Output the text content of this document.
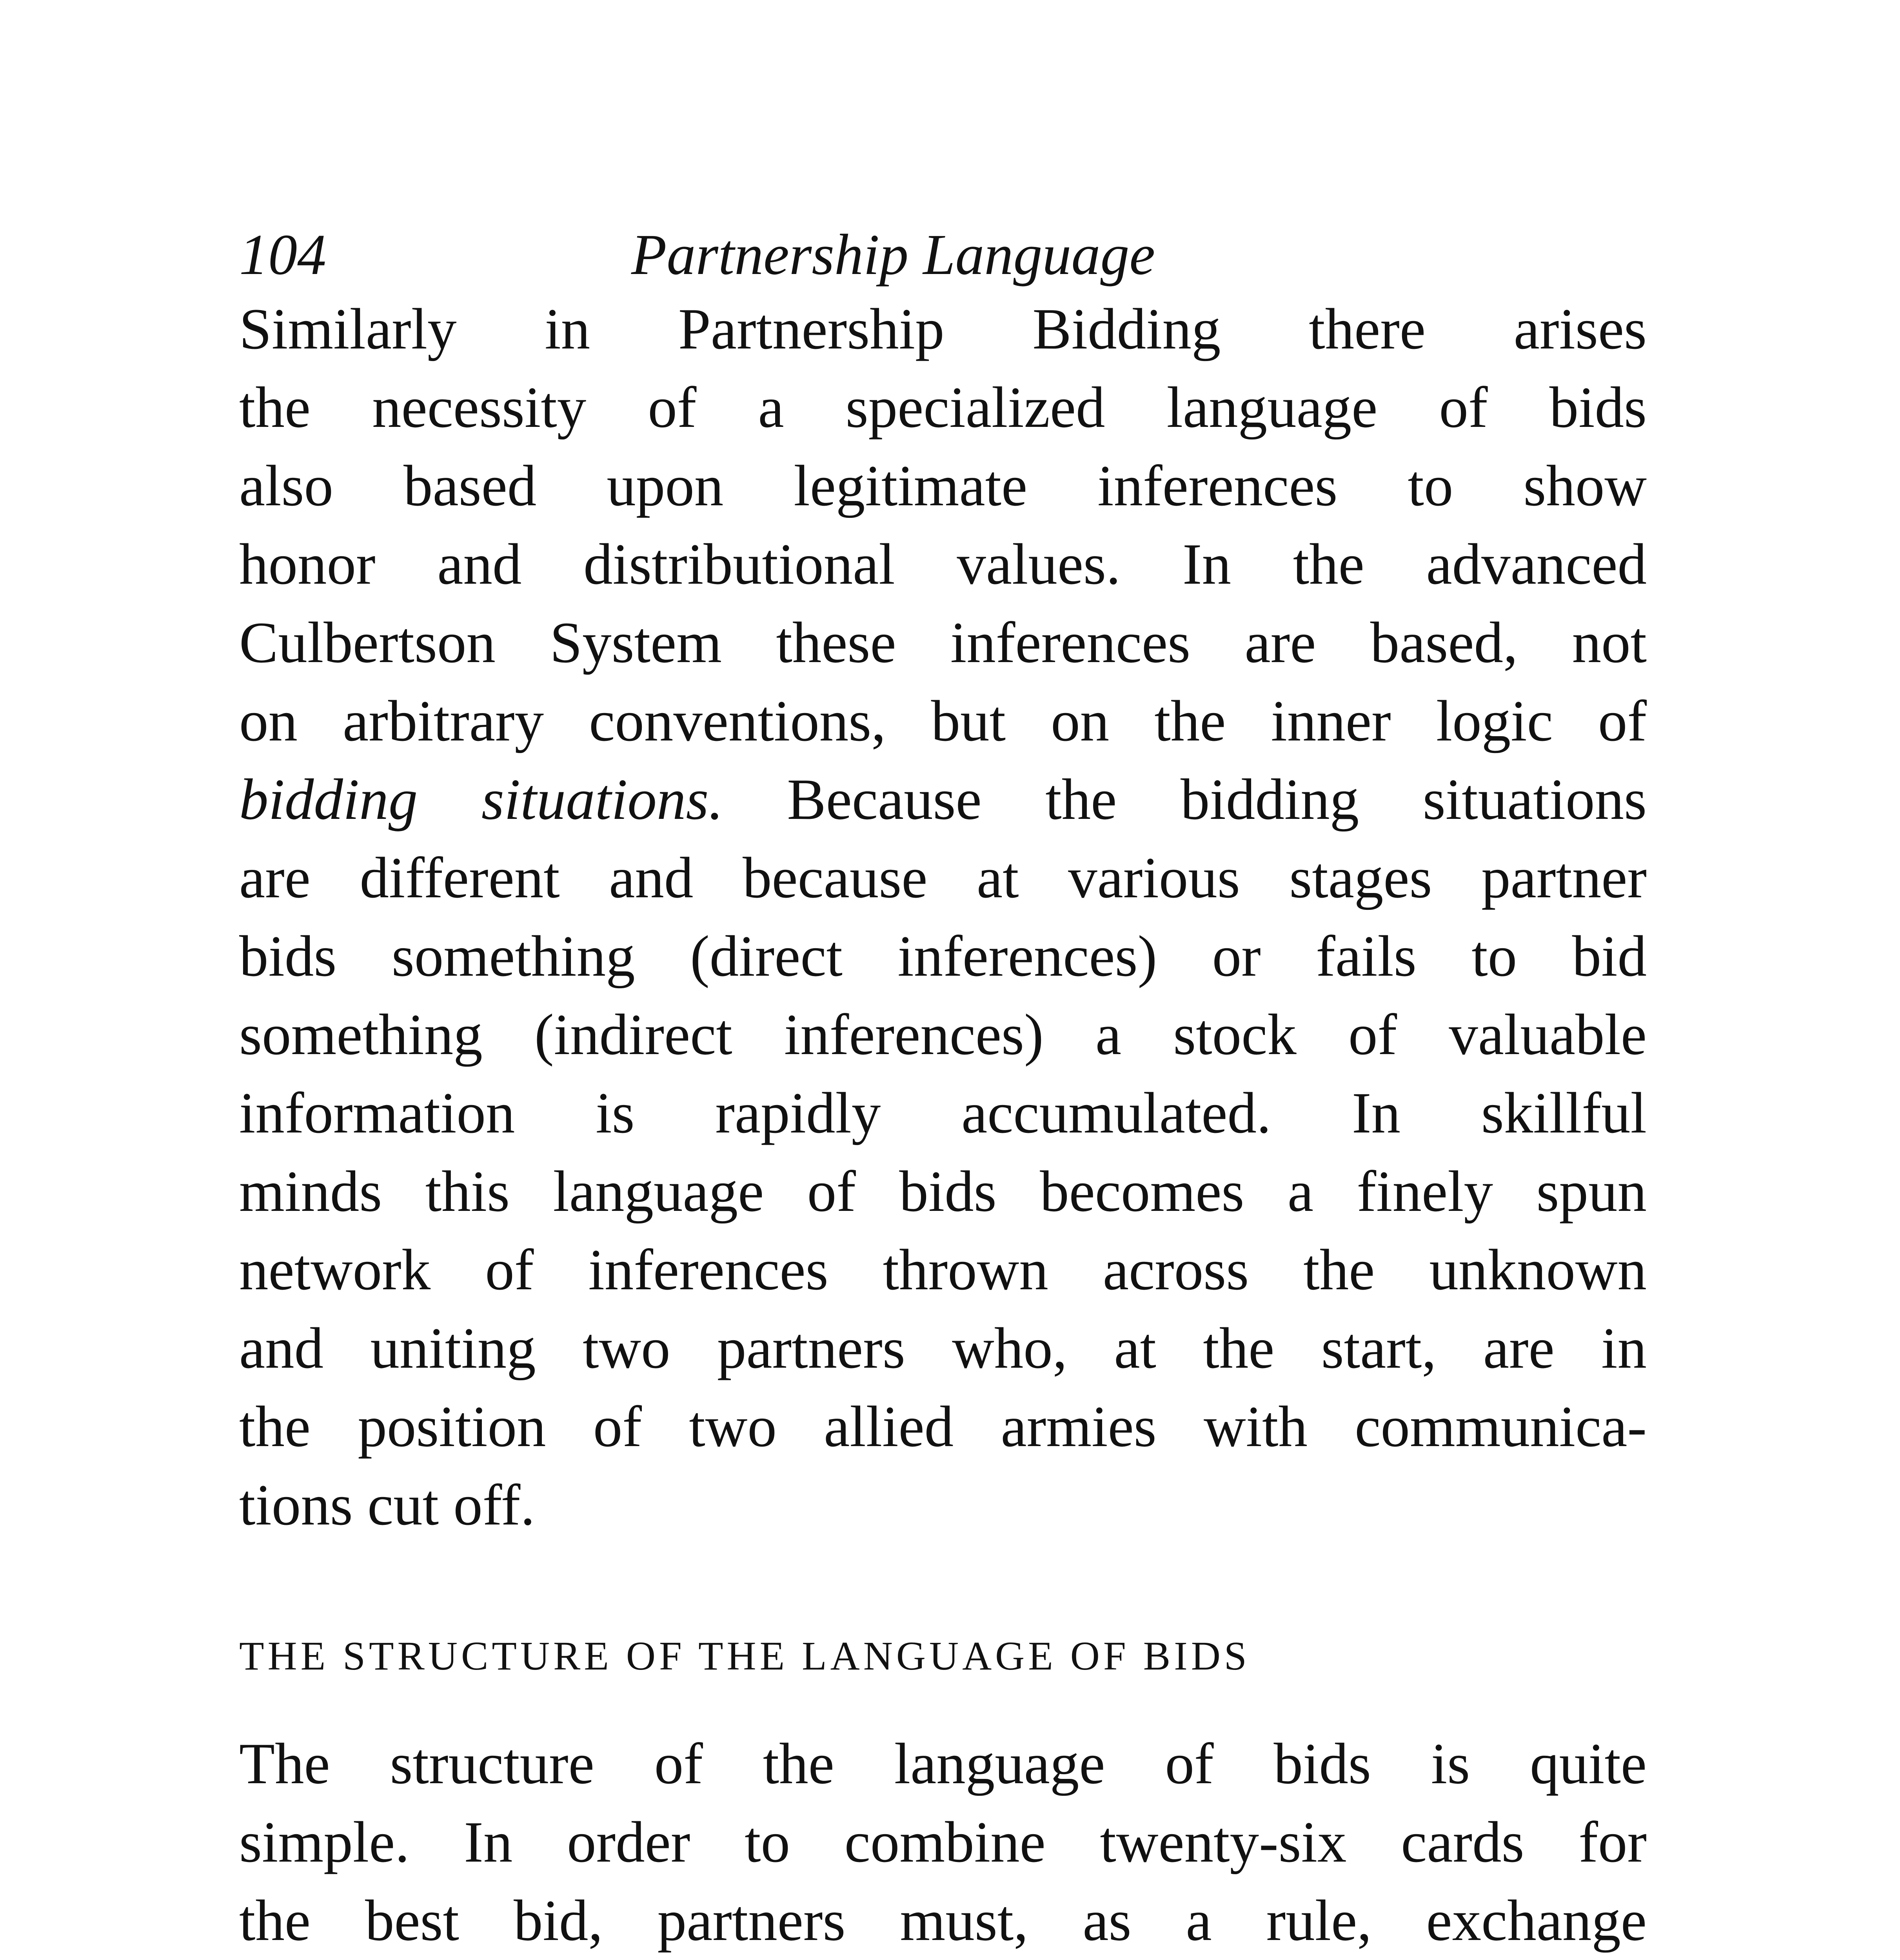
104	Partnership Language
Similarly in Partnership Bidding there arises
the necessity of a specialized language of bids
also based upon legitimate inferences to show
honor and distributional values. In the advanced
Culbertson System these inferences are based, not
on arbitrary conventions, but on the inner logic of
bidding situations. Because the bidding situations
are different and because at various stages partner
bids something (direct inferences) or fails to bid
something (indirect inferences) a stock of valuable
information is rapidly accumulated. In skillful
minds this language of bids becomes a finely spun
network of inferences thrown across the unknown
and uniting two partners who, at the start, are in
the position of two allied armies with communica-
tions cut off.
THE STRUCTURE OF THE LANGUAGE OF BIDS
The structure of the language of bids is quite
simple. In order to combine twenty-six cards for
the best bid, partners must, as a rule, exchange
